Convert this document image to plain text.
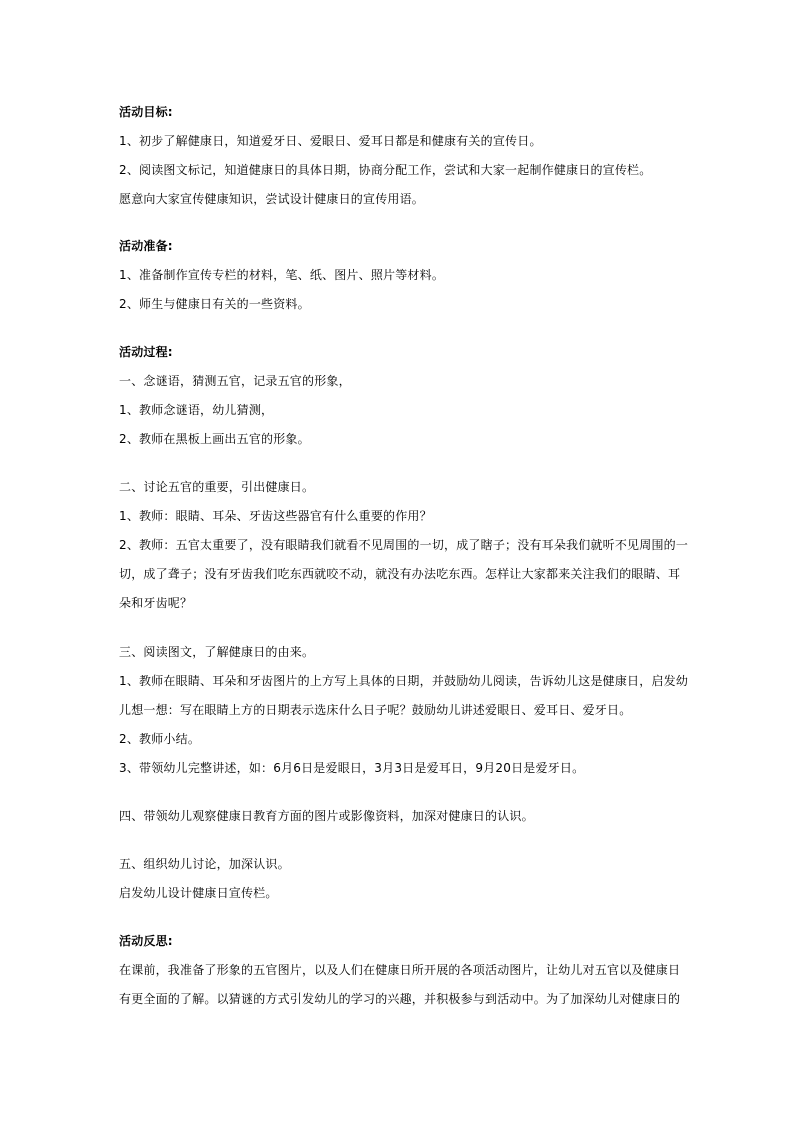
活动目标:
1、初步了解健康日，知道爱牙日、爱眼日、爱耳日都是和健康有关的宣传日。
2、阅读图文标记，知道健康日的具体日期，协商分配工作，尝试和大家一起制作健康日的宣传栏。
愿意向大家宣传健康知识，尝试设计健康日的宣传用语。
活动准备:
1、准备制作宣传专栏的材料，笔、纸、图片、照片等材料。
2、师生与健康日有关的一些资料。
活动过程:
一、念谜语，猜测五官，记录五官的形象，
1、教师念谜语，幼儿猜测，
2、教师在黑板上画出五官的形象。
二、讨论五官的重要，引出健康日。
1、教师：眼睛、耳朵、牙齿这些器官有什么重要的作用？
2、教师：五官太重要了，没有眼睛我们就看不见周围的一切，成了瞎子；没有耳朵我们就听不见周围的一
切，成了聋子；没有牙齿我们吃东西就咬不动，就没有办法吃东西。怎样让大家都来关注我们的眼睛、耳
朵和牙齿呢？
三、阅读图文，了解健康日的由来。
1、教师在眼睛、耳朵和牙齿图片的上方写上具体的日期，并鼓励幼儿阅读，告诉幼儿这是健康日，启发幼
儿想一想：写在眼睛上方的日期表示选床什么日子呢？鼓励幼儿讲述爱眼日、爱耳日、爱牙日。
2、教师小结。
3、带领幼儿完整讲述，如：6月6日是爱眼日，3月3日是爱耳日，9月20日是爱牙日。
四、带领幼儿观察健康日教育方面的图片或影像资料，加深对健康日的认识。
五、组织幼儿讨论，加深认识。
启发幼儿设计健康日宣传栏。
活动反思:
在课前，我准备了形象的五官图片，以及人们在健康日所开展的各项活动图片，让幼儿对五官以及健康日
有更全面的了解。以猜谜的方式引发幼儿的学习的兴趣，并积极参与到活动中。为了加深幼儿对健康日的
